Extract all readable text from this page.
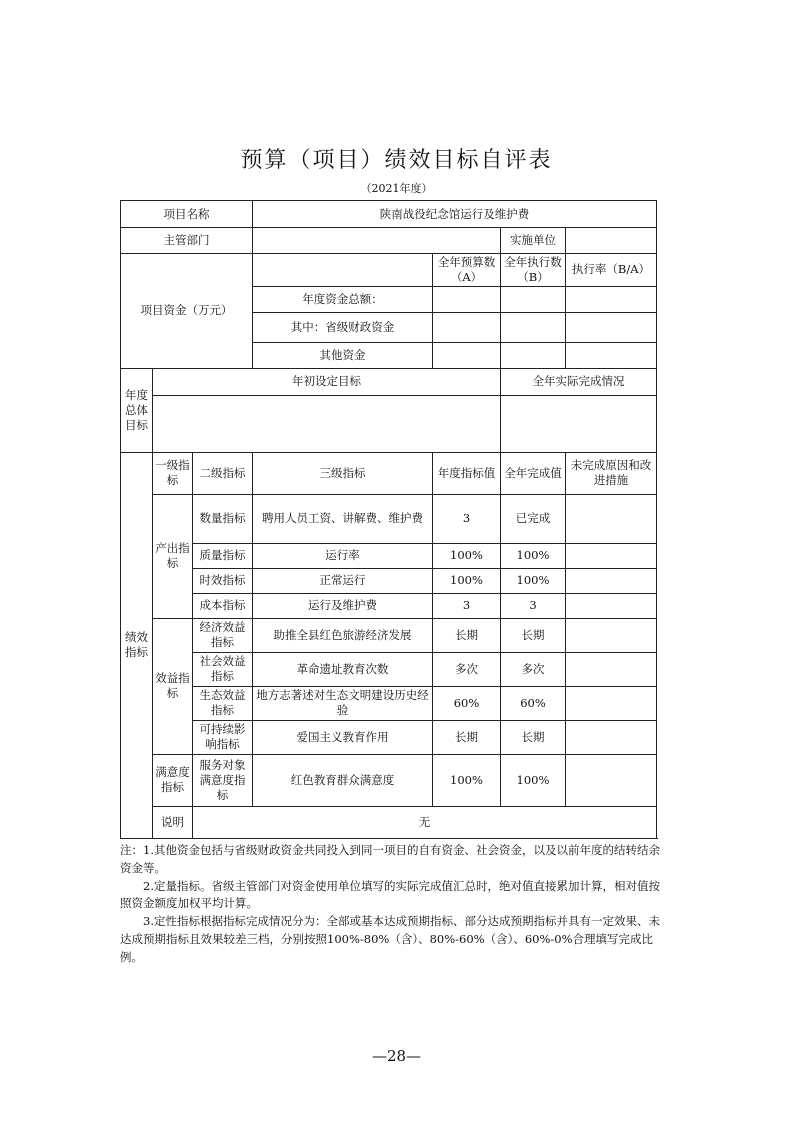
预算（项目）绩效目标自评表
（2021年度）
项目名称			陕南战役纪念馆运行及维护费			
主管部门					实施单位	
项目资金（万元）				全年预算数（A）	全年执行数（B）	执行率（B/A）
			年度资金总额：			
			其中：省级财政资金			
			其他资金			
年度总体目标	年初设定目标				全年实际完成情况	

绩效指标	一级指标	二级指标	三级指标	年度指标值	全年完成值	未完成原因和改进措施
	产出指标	数量指标	聘用人员工资、讲解费、维护费	3	已完成	
		质量指标	运行率	100%	100%	
		时效指标	正常运行	100%	100%	
		成本指标	运行及维护费	3	3	
	效益指标	经济效益指标	助推全县红色旅游经济发展	长期	长期	
		社会效益指标	革命遗址教育次数	多次	多次	
		生态效益指标	地方志著述对生态文明建设历史经验	60%	60%	
		可持续影响指标	爱国主义教育作用	长期	长期	
	满意度指标	服务对象满意度指标	红色教育群众满意度	100%	100%	
	说明	无				

注：1.其他资金包括与省级财政资金共同投入到同一项目的自有资金、社会资金，以及以前年度的结转结余资金等。

2.定量指标。省级主管部门对资金使用单位填写的实际完成值汇总时，绝对值直接累加计算，相对值按照资金额度加权平均计算。

3.定性指标根据指标完成情况分为：全部或基本达成预期指标、部分达成预期指标并具有一定效果、未达成预期指标且效果较差三档，分别按照100%-80%（含）、80%-60%（含）、60%-0%合理填写完成比例。

—28—
